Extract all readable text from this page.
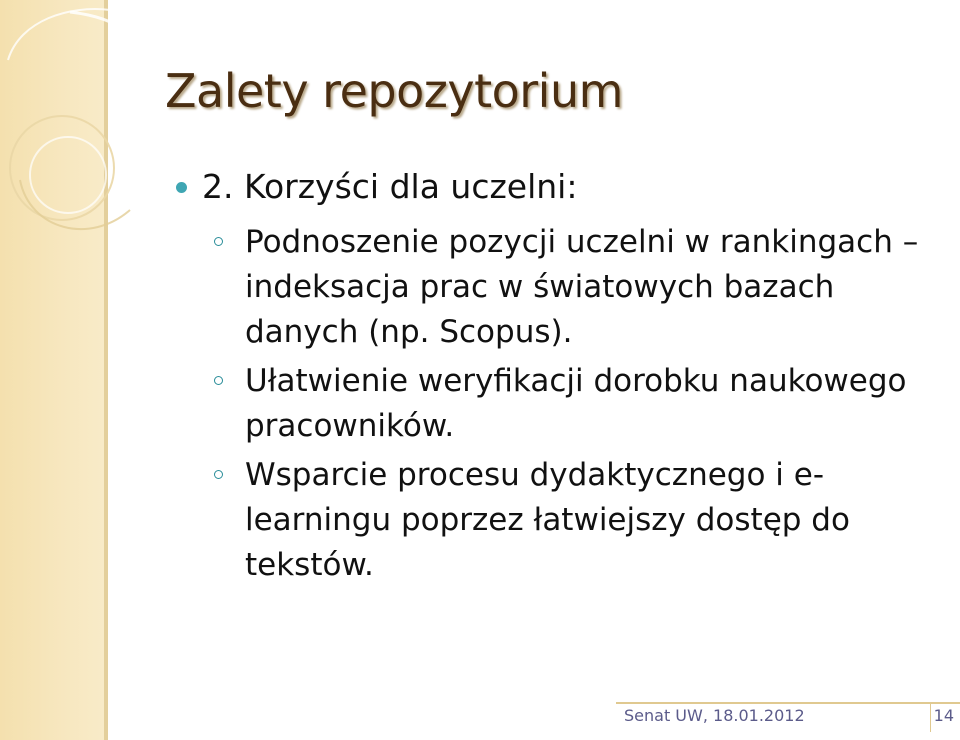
Zalety repozytorium
2. Korzyści dla uczelni:
Podnoszenie pozycji uczelni w rankingach – indeksacja prac w światowych bazach danych (np. Scopus).
Ułatwienie weryfikacji dorobku naukowego pracowników.
Wsparcie procesu dydaktycznego i e-learningu poprzez łatwiejszy dostęp do tekstów.
Senat UW, 18.01.2012	14
